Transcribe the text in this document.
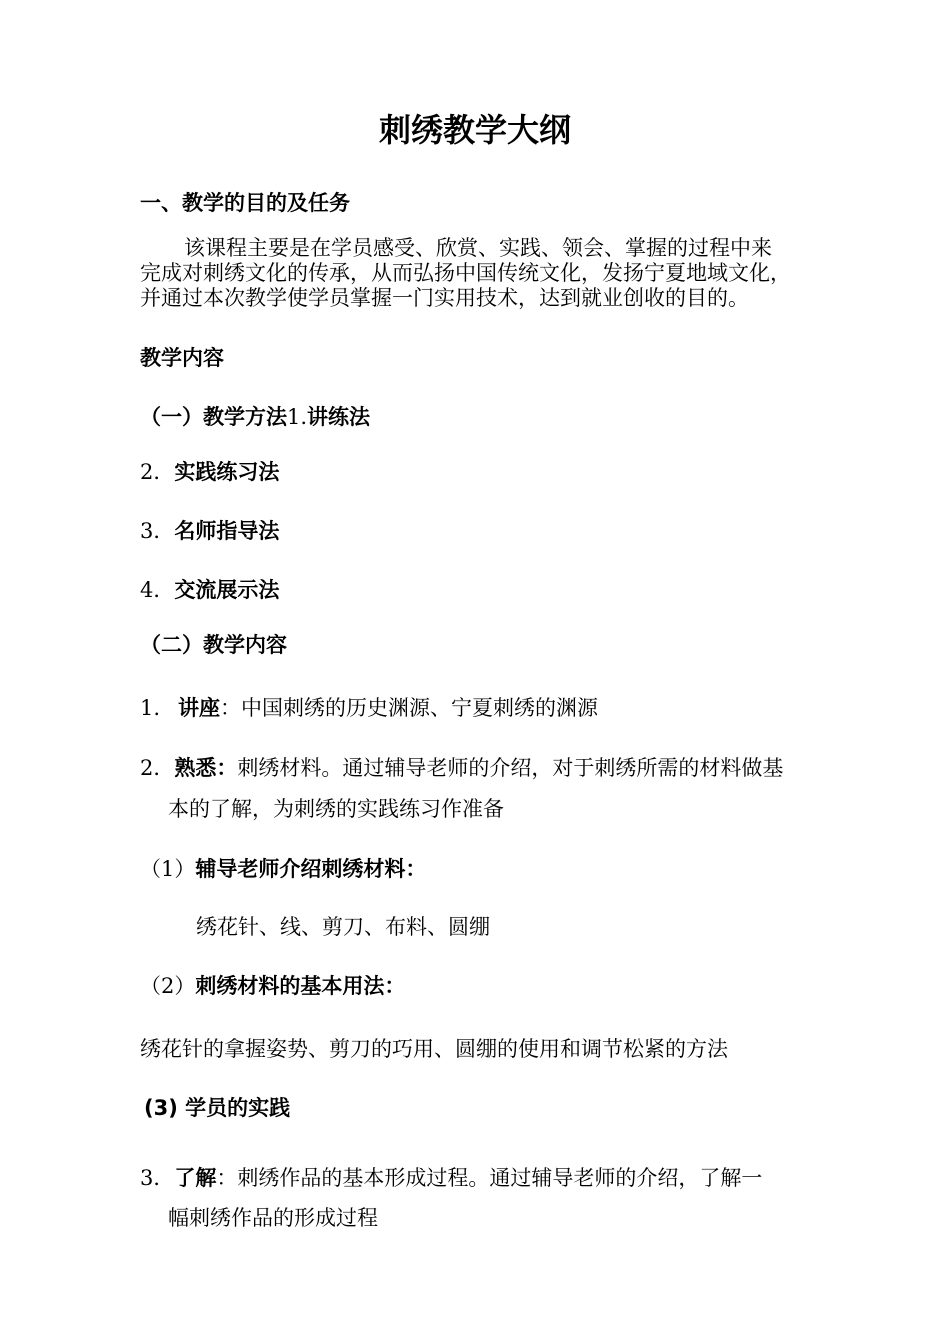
刺绣教学大纲
一、教学的目的及任务
该课程主要是在学员感受、欣赏、实践、领会、掌握的过程中来
完成对刺绣文化的传承，从而弘扬中国传统文化，发扬宁夏地域文化，
并通过本次教学使学员掌握一门实用技术，达到就业创收的目的。
教学内容
（一）教学方法1.讲练法
2．实践练习法
3．名师指导法
4．交流展示法
（二）教学内容
1. 讲座：中国刺绣的历史渊源、宁夏刺绣的渊源
2．熟悉：刺绣材料。通过辅导老师的介绍，对于刺绣所需的材料做基
本的了解，为刺绣的实践练习作准备
（1）辅导老师介绍刺绣材料：
绣花针、线、剪刀、布料、圆绷
（2）刺绣材料的基本用法：
绣花针的拿握姿势、剪刀的巧用、圆绷的使用和调节松紧的方法
(3) 学员的实践
3．了解：刺绣作品的基本形成过程。通过辅导老师的介绍，了解一
幅刺绣作品的形成过程
